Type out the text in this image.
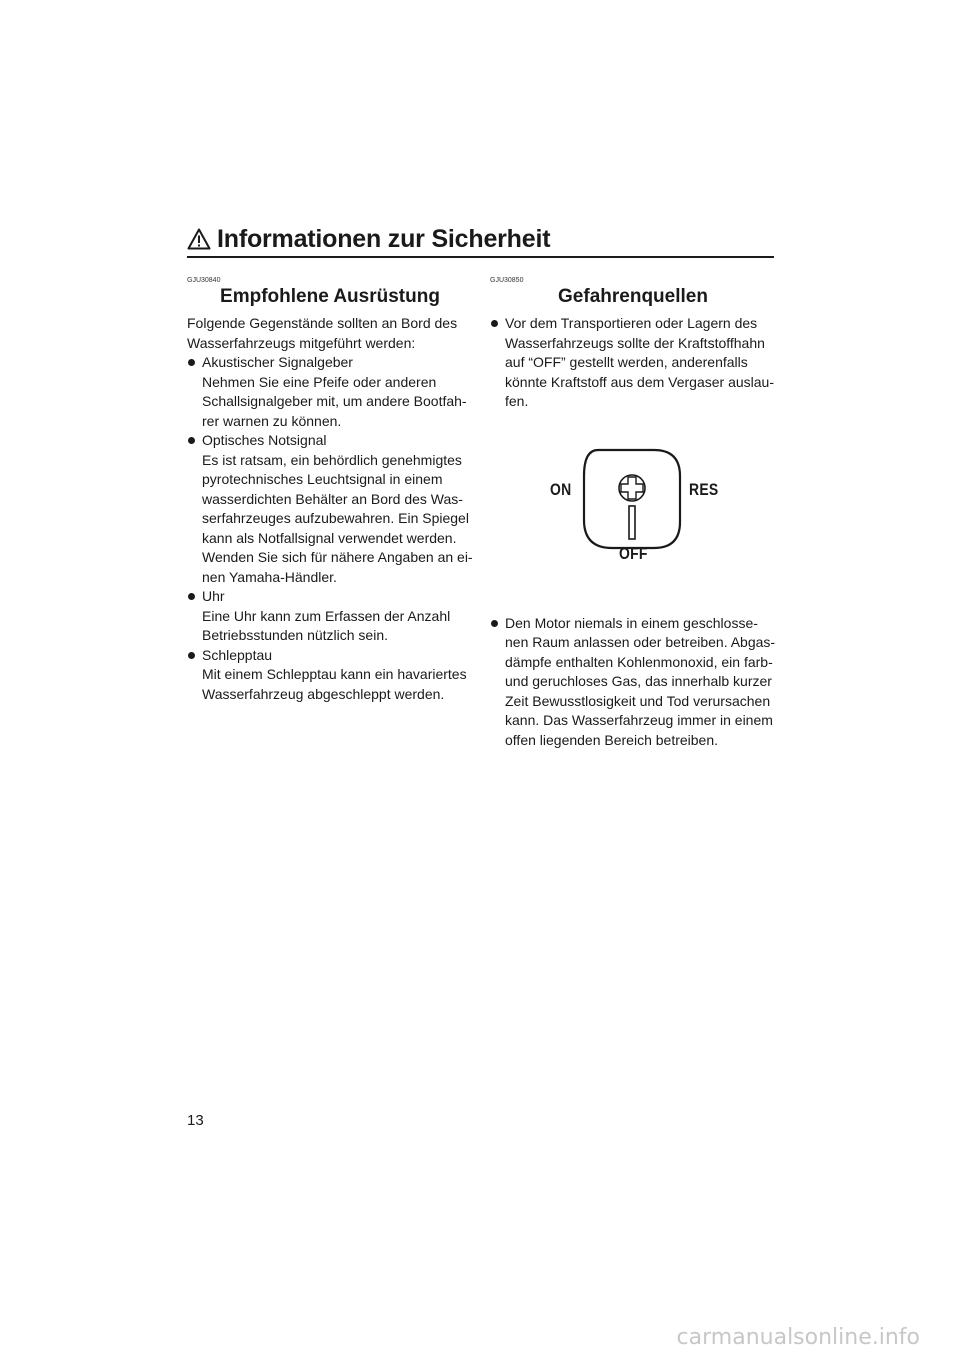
Informationen zur Sicherheit
GJU30840
Empfohlene Ausrüstung

Folgende Gegenstände sollten an Bord des Wasserfahrzeugs mitgeführt werden:

Akustischer Signalgeber
Nehmen Sie eine Pfeife oder anderen Schallsignalgeber mit, um andere Bootfah-rer warnen zu können.
Optisches Notsignal
Es ist ratsam, ein behördlich genehmigtes pyrotechnisches Leuchtsignal in einem wasserdichten Behälter an Bord des Was-serfahrzeuges aufzubewahren. Ein Spiegel kann als Notfallsignal verwendet werden. Wenden Sie sich für nähere Angaben an ei-nen Yamaha-Händler.
Uhr
Eine Uhr kann zum Erfassen der Anzahl Betriebsstunden nützlich sein.
Schlepptau
Mit einem Schlepptau kann ein havariertes Wasserfahrzeug abgeschleppt werden.
GJU30850
Gefahrenquellen
Vor dem Transportieren oder Lagern des Wasserfahrzeugs sollte der Kraftstoffhahn auf “OFF” gestellt werden, anderenfalls könnte Kraftstoff aus dem Vergaser auslau-fen.
ON	RES
OFF
Den Motor niemals in einem geschlosse-nen Raum anlassen oder betreiben. Abgas-dämpfe enthalten Kohlenmonoxid, ein farb-und geruchloses Gas, das innerhalb kurzer Zeit Bewusstlosigkeit und Tod verursachen kann. Das Wasserfahrzeug immer in einem offen liegenden Bereich betreiben.
13
carmanualsonline.info
